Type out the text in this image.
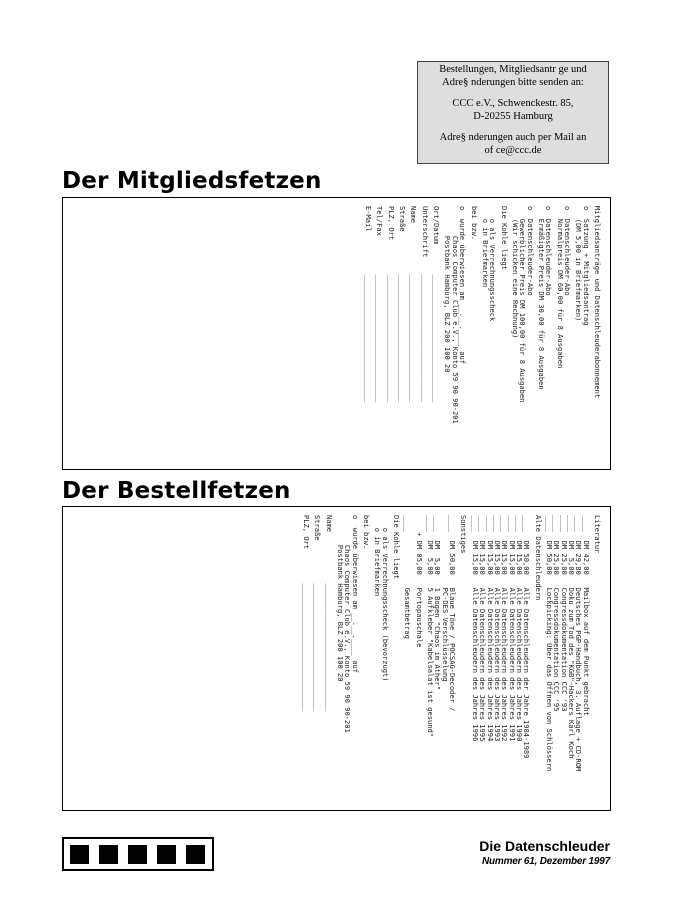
Bestellungen, Mitgliedsantr ge und
Adre§ nderungen bitte senden an:
CCC e.V., Schwenckestr. 85,
D-20255 Hamburg
Adre§ nderungen auch per Mail an
of ce@ccc.de
Der Mitgliedsfetzen
Mitgliedsanträge und Datenschleuderabonnement
o  Satzung + Mitgliedsantrag
(DM 5,00 in Briefmarken)
o  Datenschleuder-Abo
Normalpreis DM 60,00 für 8 Ausgaben
o  Datenschleuder-Abo
Ermäßigter Preis DM 30,00 für 8 Ausgaben
o  Datenschleuder-Abo
Gewerblicher Preis DM 100,00 für 8 Ausgaben
(Wir schicken eine Rechnung)
Die Kohle liegt
o als Verrechnungsscheck
o in Briefmarken
bei bzw.
o  wurde überwiesen am __.__.____ auf
Chaos Computer Club e.V., Konto 59 90 90-201
Postbank Hamburg, BLZ 200 100 20
Ort/Datum       ______________________________
Unterschrift    ______________________________
Name            ______________________________
Straße          ______________________________
PLZ, Ort        ______________________________
Tel/Fax         ______________________________
E-Mail          ______________________________
Der Bestellfetzen
Literatur
____  DM 42,00   Mailbox auf dem Punkt gebracht
____  DM 29,80   Deutsches PGP-Handbuch, 3. Auflage + CD-ROM
____  DM  5,00   Doku zum Tod des "KGB"-Hackers Karl Koch
____  DM 25,00   Congressdokumentation CCC '93
____  DM 25,00   Congressdokumentation CCC '95
____  DM 50,00   Lockpicking: Über das Öffnen von Schlössern
Alte Datenschleudern
____  DM 50,00   Alle Datenschleudern der Jahre 1984-1989
____  DM 15,00   Alle Datenschleudern des Jahres 1990
____  DM 15,00   Alle Datenschleudern des Jahres 1991
____  DM 15,00   Alle Datenschleudern des Jahres 1992
____  DM 15,00   Alle Datenschleudern des Jahres 1993
____  DM 15,00   Alle Datenschleudern des Jahres 1994
____  DM 15,00   Alle Datenschleudern des Jahres 1995
____  DM 15,00   Alle Datenschleudern des Jahres 1996
Sonstiges
____  DM 50,00   Blaue Töne / POCSAG-Decoder /
PC-DES Verschlüsselung
____  DM  5,00   1 Bogen "Chaos im Äther"
____  DM  5,00   5 Aufkleber "Kabelsalat ist gesund"
+ DM 05,00   Portopauschale
____             Gesamtbetrag
Die Kohle liegt
o als Verrechnungsscheck (bevorzugt)
o in Briefmarken
bei bzw.
o  wurde überwiesen am __.__.____ auf
Chaos Computer Club e.V., Konto 59 90 90-201
Postbank Hamburg, BLZ 200 100 20
Name            ______________________________
Straße          ______________________________
PLZ, Ort        ______________________________
Die Datenschleuder
Nummer 61, Dezember 1997
